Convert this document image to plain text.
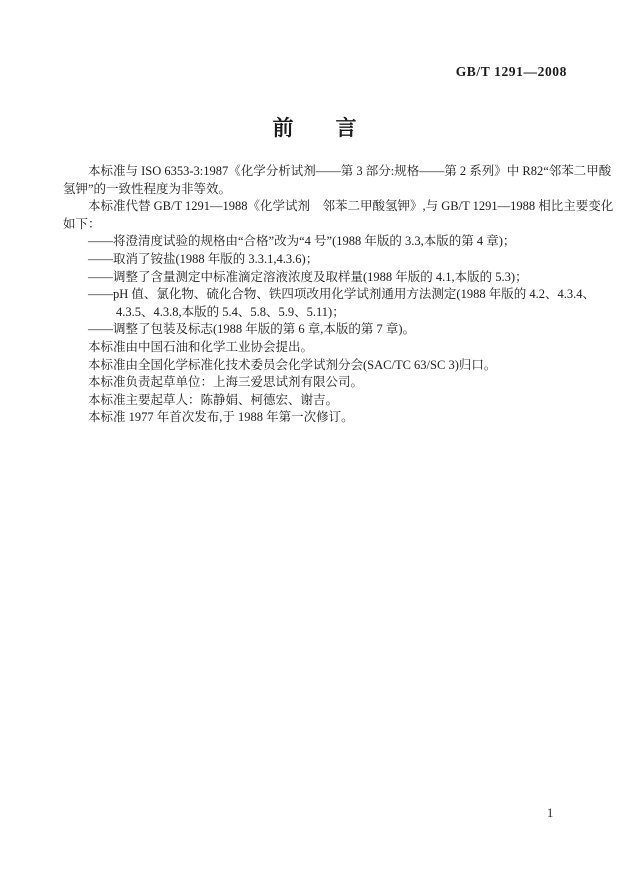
GB/T 1291—2008
前　　言
本标准与 ISO 6353-3:1987《化学分析试剂——第 3 部分:规格——第 2 系列》中 R82“邻苯二甲酸
氢钾”的一致性程度为非等效。
本标准代替 GB/T 1291—1988《化学试剂　邻苯二甲酸氢钾》,与 GB/T 1291—1988 相比主要变化
如下：
——将澄清度试验的规格由“合格”改为“4 号”(1988 年版的 3.3,本版的第 4 章)；
——取消了铵盐(1988 年版的 3.3.1,4.3.6)；
——调整了含量测定中标准滴定溶液浓度及取样量(1988 年版的 4.1,本版的 5.3)；
——pH 值、氯化物、硫化合物、铁四项改用化学试剂通用方法测定(1988 年版的 4.2、4.3.4、
4.3.5、4.3.8,本版的 5.4、5.8、5.9、5.11)；
——调整了包装及标志(1988 年版的第 6 章,本版的第 7 章)。
本标准由中国石油和化学工业协会提出。
本标准由全国化学标准化技术委员会化学试剂分会(SAC/TC 63/SC 3)归口。
本标准负责起草单位：上海三爱思试剂有限公司。
本标准主要起草人：陈静娟、柯德宏、谢吉。
本标准 1977 年首次发布,于 1988 年第一次修订。
1
